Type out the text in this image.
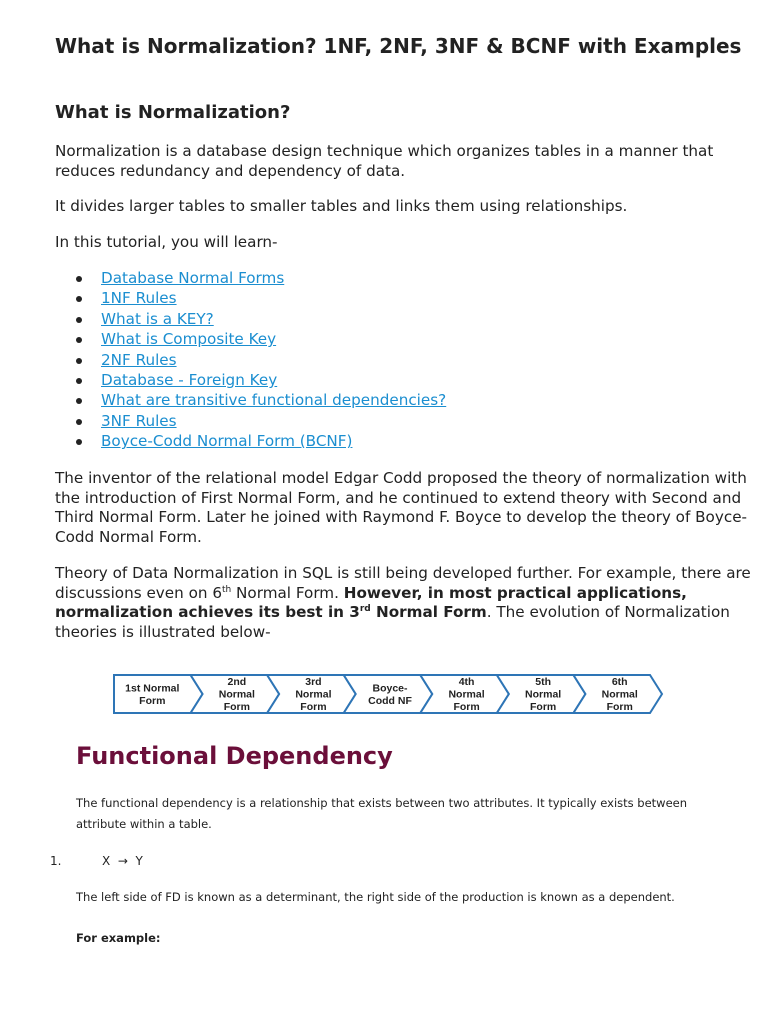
What is Normalization? 1NF, 2NF, 3NF & BCNF with Examples
What is Normalization?

Normalization is a database design technique which organizes tables in a manner that reduces redundancy and dependency of data.

It divides larger tables to smaller tables and links them using relationships.

In this tutorial, you will learn-

Database Normal Forms
1NF Rules
What is a KEY?
What is Composite Key
2NF Rules
Database - Foreign Key
What are transitive functional dependencies?
3NF Rules
Boyce-Codd Normal Form (BCNF)

The inventor of the relational model Edgar Codd proposed the theory of normalization with the introduction of First Normal Form, and he continued to extend theory with Second and Third Normal Form. Later he joined with Raymond F. Boyce to develop the theory of Boyce-Codd Normal Form.

Theory of Data Normalization in SQL is still being developed further. For example, there are discussions even on 6th Normal Form. However, in most practical applications, normalization achieves its best in 3rd Normal Form. The evolution of Normalization theories is illustrated below-

1st Normal Form
2nd Normal Form
3rd Normal Form
Boyce-Codd NF
4th Normal Form
5th Normal Form
6th Normal Form
Functional Dependency

The functional dependency is a relationship that exists between two attributes. It typically exists between

attribute within a table.

1.	X  →  Y

The left side of FD is known as a determinant, the right side of the production is known as a dependent.

For example:
